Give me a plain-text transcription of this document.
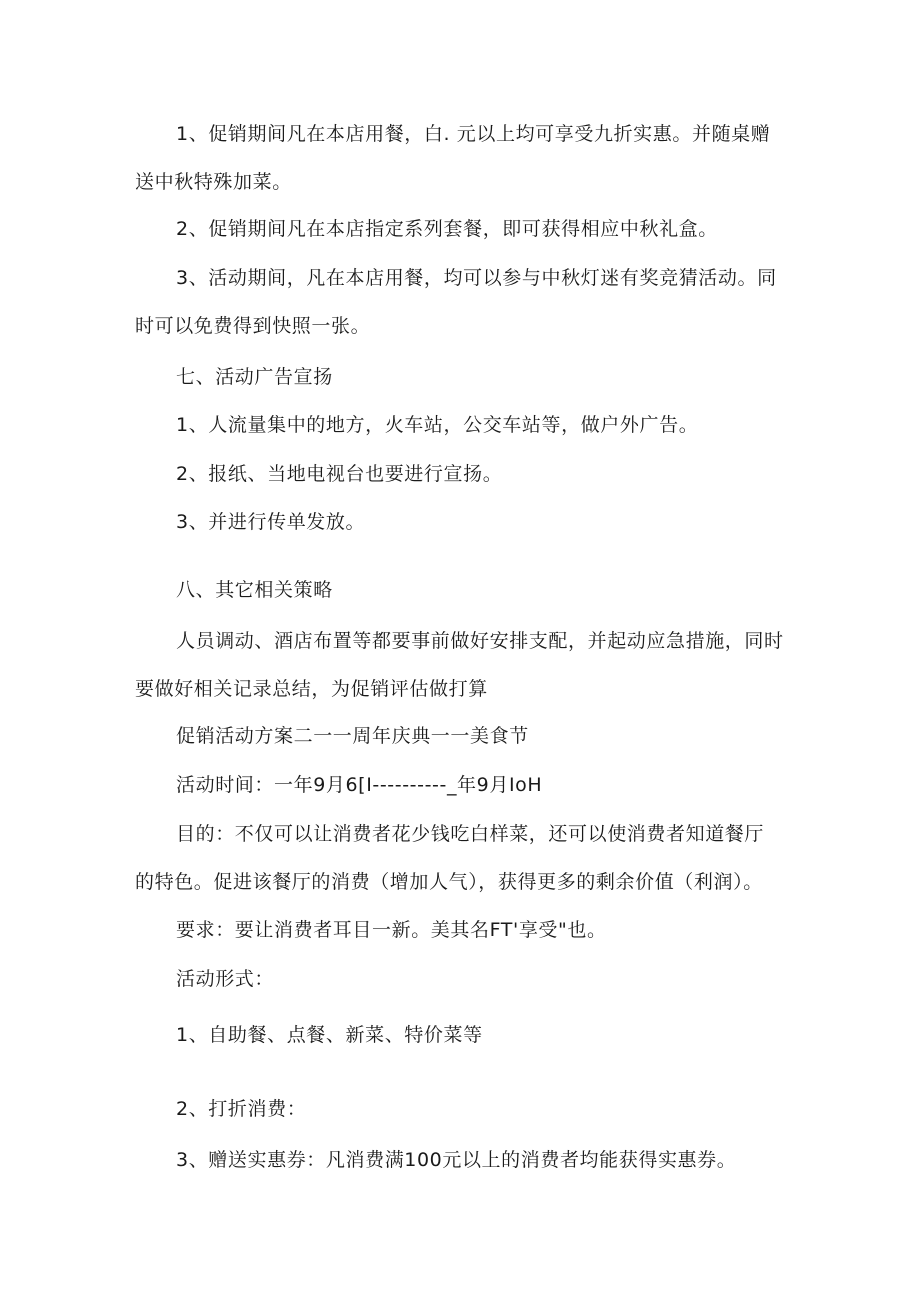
1、促销期间凡在本店用餐，白. 元以上均可享受九折实惠。并随桌赠
送中秋特殊加菜。
2、促销期间凡在本店指定系列套餐，即可获得相应中秋礼盒。
3、活动期间，凡在本店用餐，均可以参与中秋灯迷有奖竞猜活动。同
时可以免费得到快照一张。
七、活动广告宣扬
1、人流量集中的地方，火车站，公交车站等，做户外广告。
2、报纸、当地电视台也要进行宣扬。
3、并进行传单发放。
八、其它相关策略
人员调动、酒店布置等都要事前做好安排支配，并起动应急措施，同时
要做好相关记录总结，为促销评估做打算
促销活动方案二一一周年庆典一一美食节
活动时间：一年9月6[I----------_年9月IoH
目的：不仅可以让消费者花少钱吃白样菜，还可以使消费者知道餐厅
的特色。促进该餐厅的消费（增加人气），获得更多的剩余价值（利润）。
要求：要让消费者耳目一新。美其名FT'享受"也。
活动形式：
1、自助餐、点餐、新菜、特价菜等
2、打折消费：
3、赠送实惠券：凡消费满100元以上的消费者均能获得实惠券。
